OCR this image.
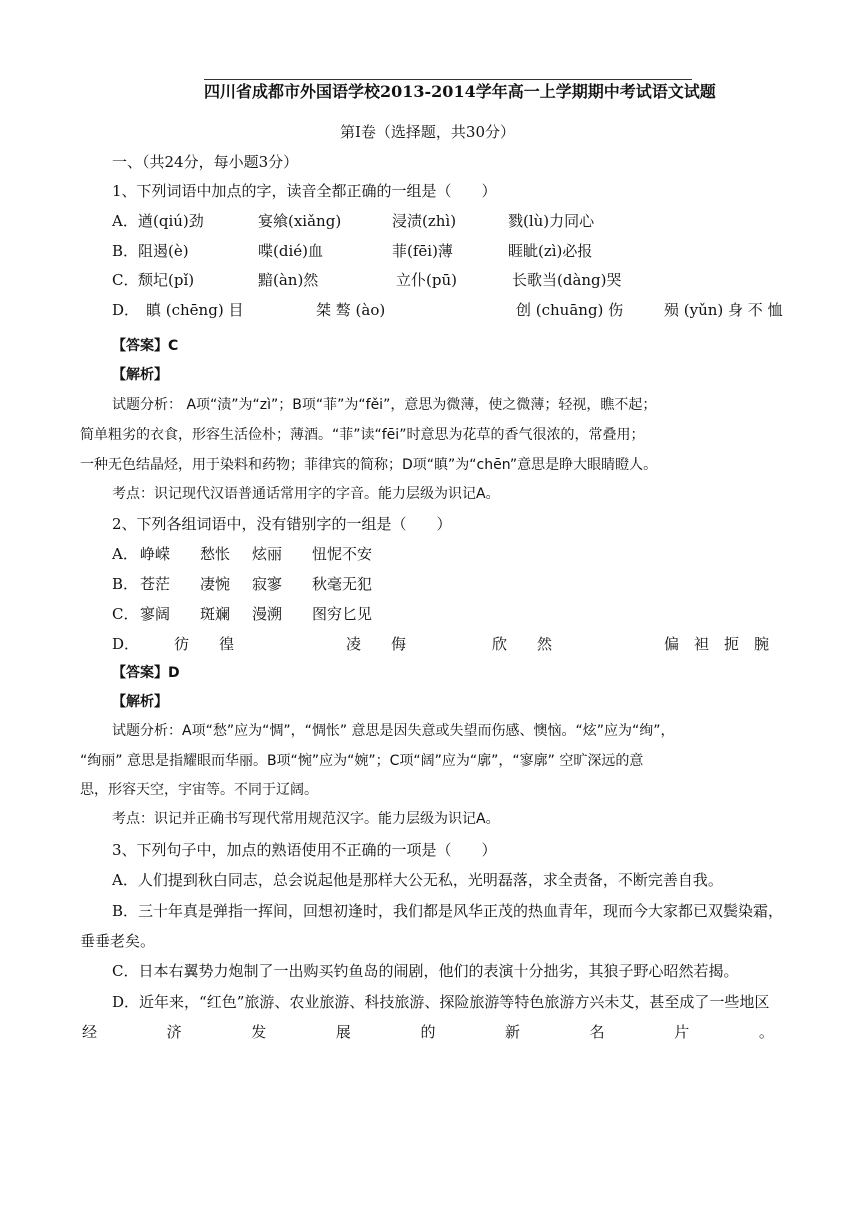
四川省成都市外国语学校2013-2014学年高一上学期期中考试语文试题
第Ⅰ卷（选择题，共30分）
一、（共24分，每小题3分）
1、下列词语中加点的字，读音全都正确的一组是（　　）
A． 遒(qiú)劲	宴飨(xiǎng)	浸渍(zhì)	戮(lù)力同心
B． 阻遏(è)	喋(dié)血	菲(fēi)薄	睚眦(zì)必报
C． 颓圮(pǐ)	黯(àn)然	立仆(pū)	长歌当(dàng)哭
D． 瞋 (chēng) 目	桀 骜 (ào)	创 (chuāng) 伤	殒 (yǔn) 身 不 恤
【答案】C
【解析】
试题分析： A项“渍”为“zì”；B项“菲”为“fěi”，意思为微薄，使之微薄；轻视，瞧不起；
简单粗劣的衣食，形容生活俭朴；薄酒。“菲”读“fēi”时意思为花草的香气很浓的，常叠用；
一种无色结晶烃，用于染料和药物；菲律宾的简称；D项“瞋”为“chēn”意思是睁大眼睛瞪人。
考点：识记现代汉语普通话常用字的字音。能力层级为识记A。
2、下列各组词语中，没有错别字的一组是（　　）
A． 峥嵘 愁怅 炫丽 忸怩不安
B． 苍茫 凄惋 寂寥 秋毫无犯
C． 寥阔 斑斓 漫溯 图穷匕见
D． 彷　　徨	凌　　侮	欣　　然	偏　袒　扼　腕
【答案】D
【解析】
试题分析：A项“愁”应为“惆”，“惆怅” 意思是因失意或失望而伤感、懊恼。“炫”应为“绚”，
“绚丽” 意思是指耀眼而华丽。B项“惋”应为“婉”；C项“阔”应为“廓”，“寥廓” 空旷深远的意
思，形容天空，宇宙等。不同于辽阔。
考点：识记并正确书写现代常用规范汉字。能力层级为识记A。
3、下列句子中，加点的熟语使用不正确的一项是（　　）
A．人们提到秋白同志，总会说起他是那样大公无私，光明磊落，求全责备，不断完善自我。
B．三十年真是弹指一挥间，回想初逢时，我们都是风华正茂的热血青年，现而今大家都已双鬓染霜，
垂垂老矣。
C．日本右翼势力炮制了一出购买钓鱼岛的闹剧，他们的表演十分拙劣，其狼子野心昭然若揭。
D．近年来，“红色”旅游、农业旅游、科技旅游、探险旅游等特色旅游方兴未艾，甚至成了一些地区
经	济	发	展	的	新	名	片	。
